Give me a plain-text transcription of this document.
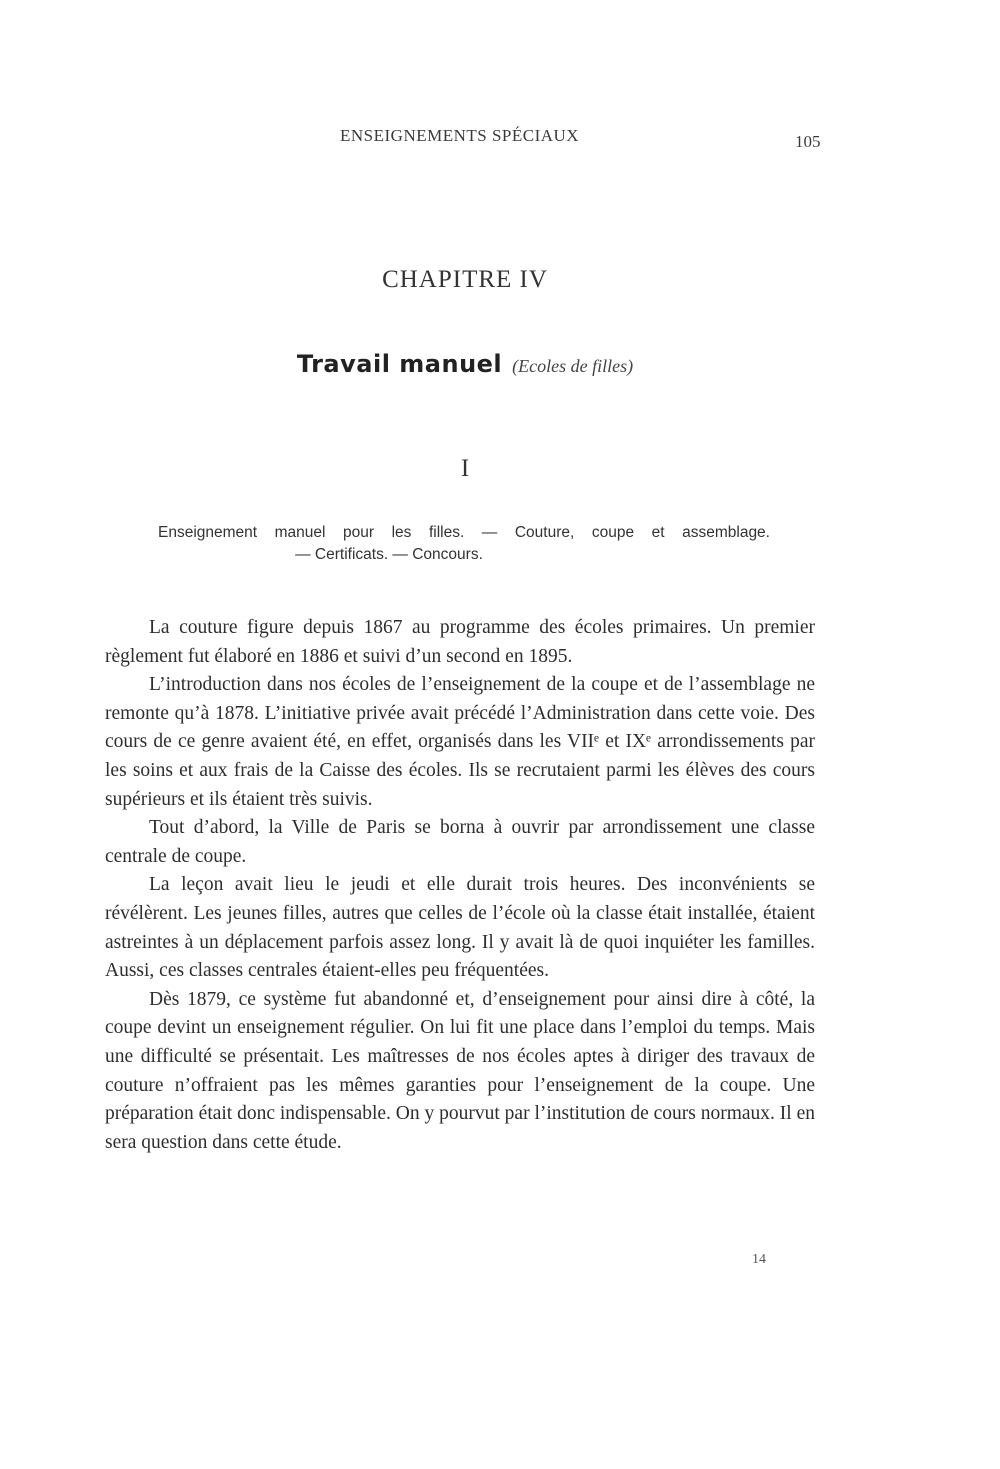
ENSEIGNEMENTS SPÉCIAUX	105
CHAPITRE IV
Travail manuel (Ecoles de filles)
I
Enseignement manuel pour les filles. — Couture, coupe et assemblage.
— Certificats. — Concours.

La couture figure depuis 1867 au programme des écoles primaires. Un premier règlement fut élaboré en 1886 et suivi d’un second en 1895.

L’introduction dans nos écoles de l’enseignement de la coupe et de l’assemblage ne remonte qu’à 1878. L’initiative privée avait précédé l’Administration dans cette voie. Des cours de ce genre avaient été, en effet, organisés dans les VIIᵉ et IXᵉ arrondissements par les soins et aux frais de la Caisse des écoles. Ils se recrutaient parmi les élèves des cours supérieurs et ils étaient très suivis.

Tout d’abord, la Ville de Paris se borna à ouvrir par arrondissement une classe centrale de coupe.

La leçon avait lieu le jeudi et elle durait trois heures. Des inconvénients se révélèrent. Les jeunes filles, autres que celles de l’école où la classe était installée, étaient astreintes à un déplacement parfois assez long. Il y avait là de quoi inquiéter les familles. Aussi, ces classes centrales étaient-elles peu fréquentées.

Dès 1879, ce système fut abandonné et, d’enseignement pour ainsi dire à côté, la coupe devint un enseignement régulier. On lui fit une place dans l’emploi du temps. Mais une difficulté se présentait. Les maîtresses de nos écoles aptes à diriger des travaux de couture n’offraient pas les mêmes garanties pour l’enseignement de la coupe. Une préparation était donc indispensable. On y pourvut par l’institution de cours normaux. Il en sera question dans cette étude.

14
